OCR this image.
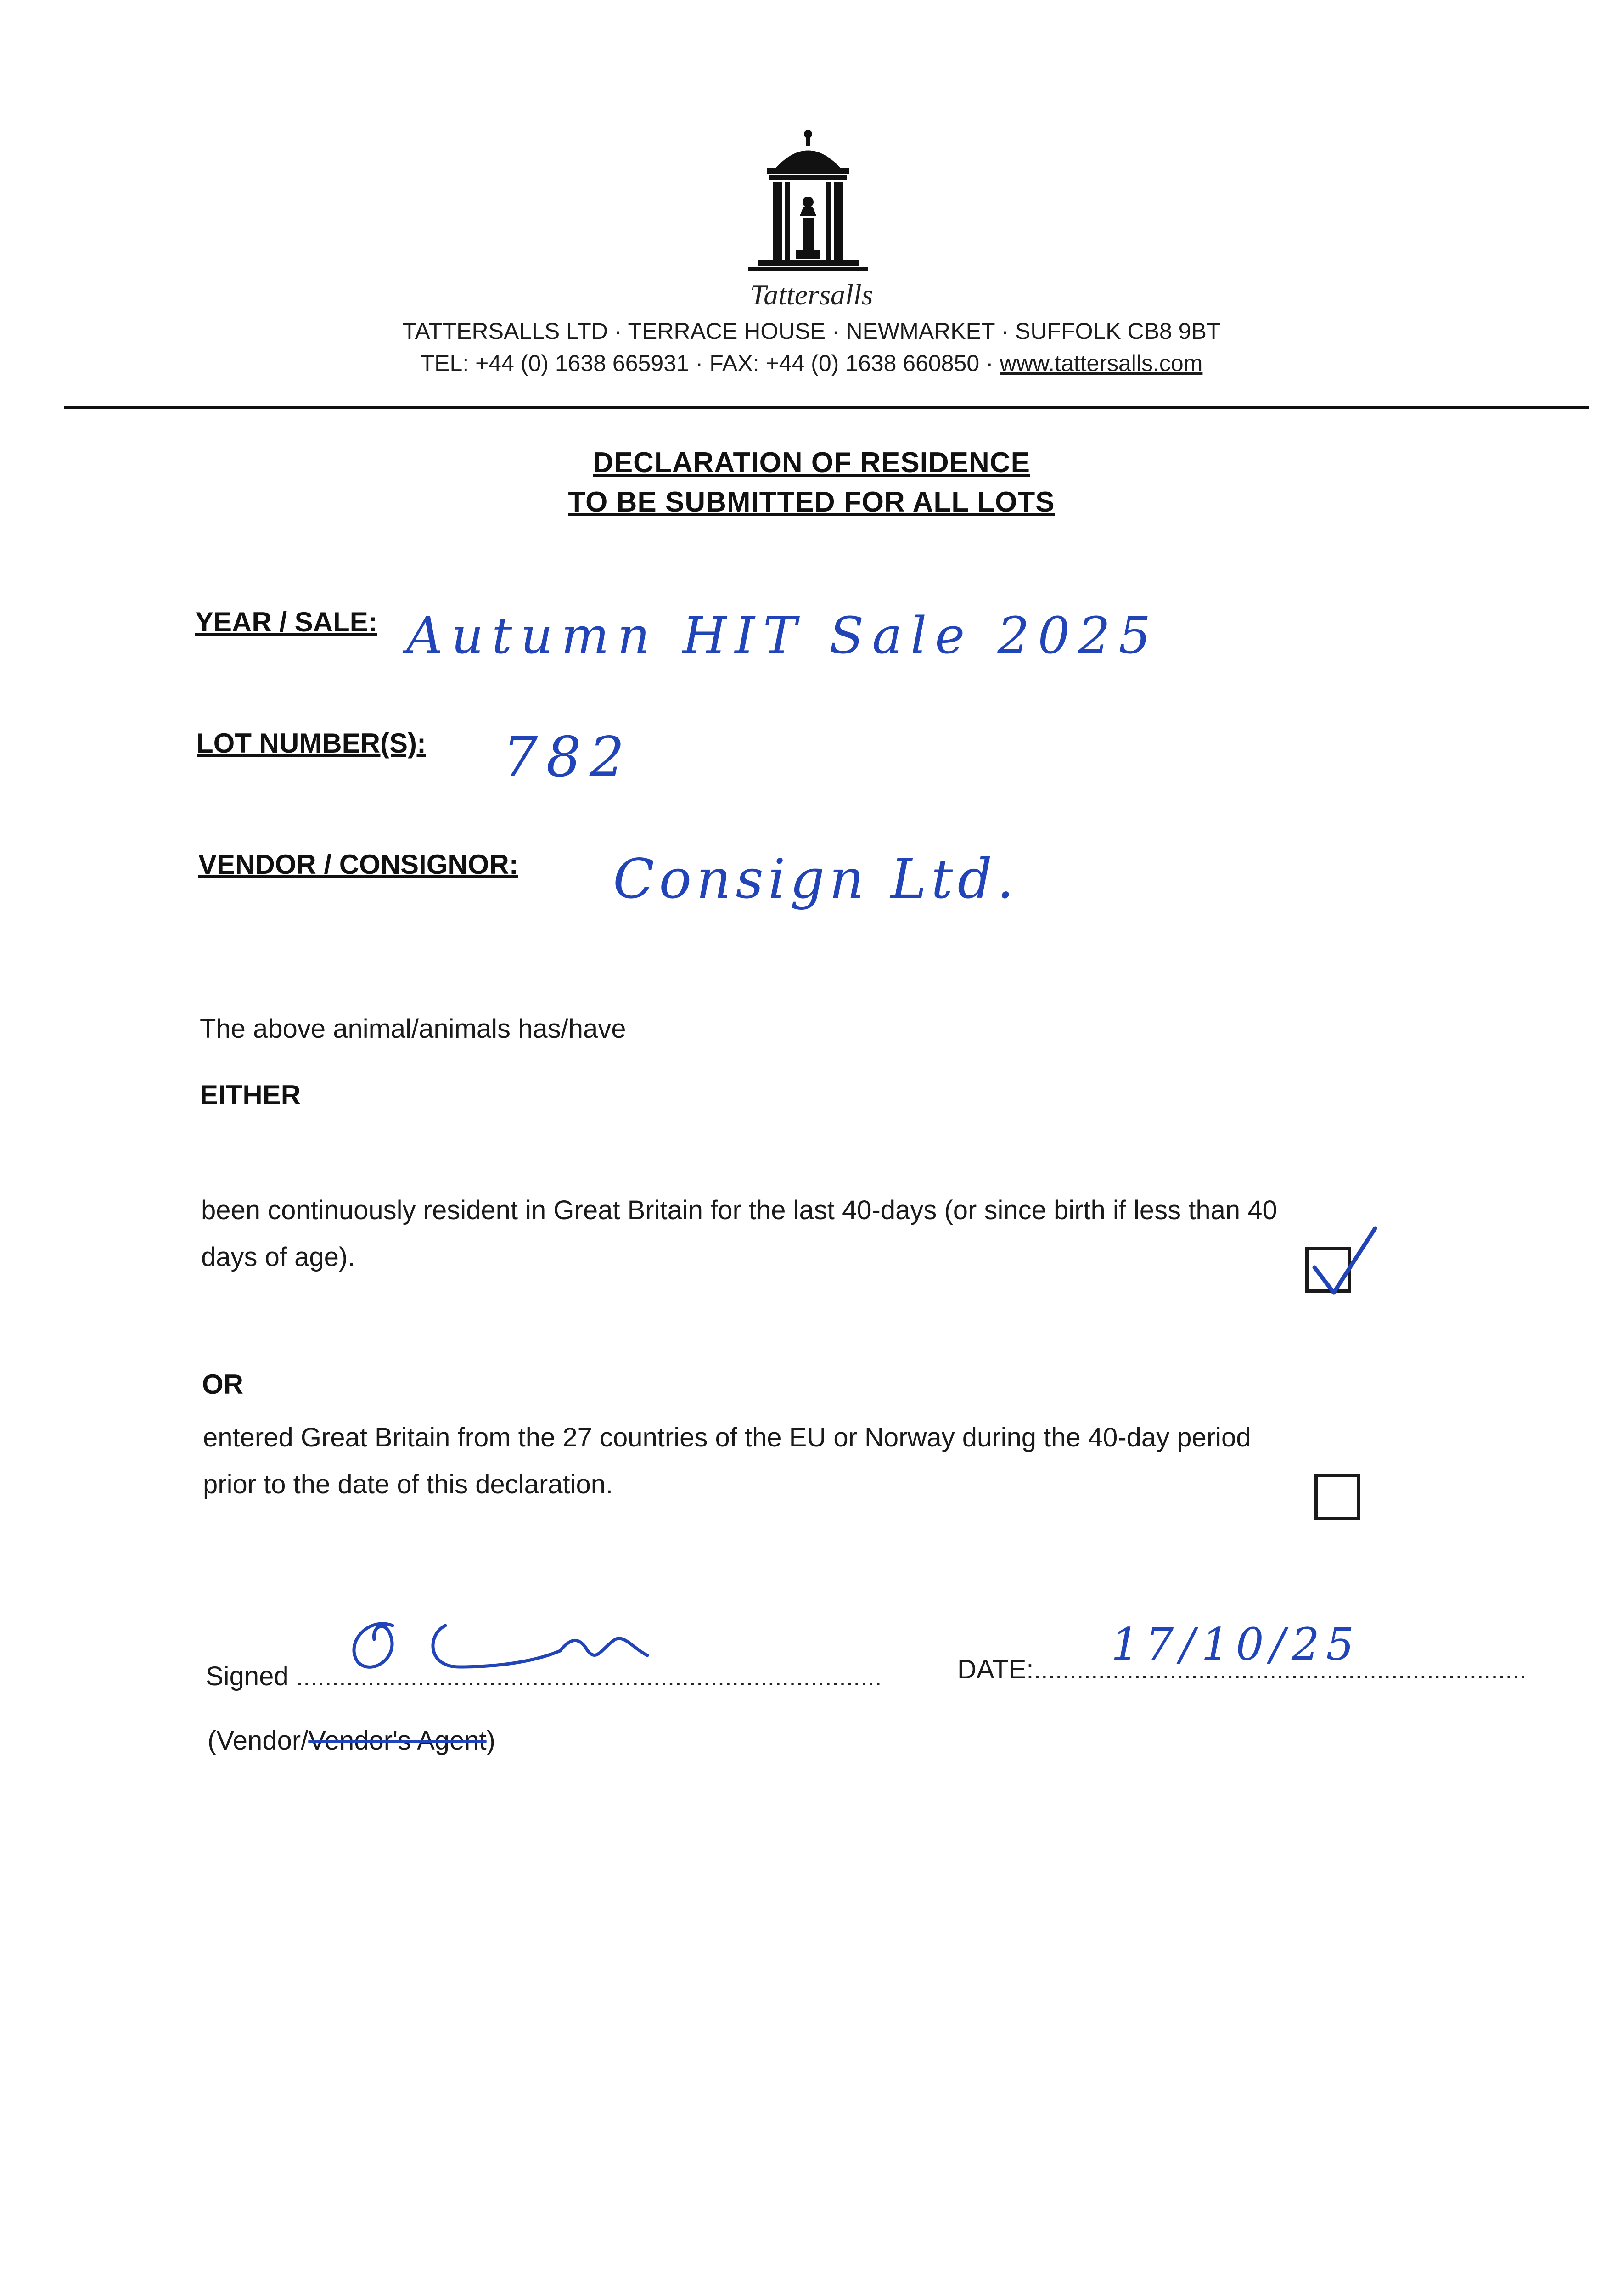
Tattersalls
TATTERSALLS LTD · TERRACE HOUSE · NEWMARKET · SUFFOLK CB8 9BT
TEL: +44 (0) 1638 665931 · FAX: +44 (0) 1638 660850 · www.tattersalls.com
DECLARATION OF RESIDENCE
TO BE SUBMITTED FOR ALL LOTS
YEAR / SALE: Autumn HIT Sale 2025
LOT NUMBER(S): 782
VENDOR / CONSIGNOR: Consign Ltd.
The above animal/animals has/have
EITHER
been continuously resident in Great Britain for the last 40-days (or since birth if less than 40
days of age).
OR
entered Great Britain from the 27 countries of the EU or Norway during the 40-day period
prior to the date of this declaration.
Signed ..................................................................................	DATE:.....................................................................
17/10/25
(Vendor/Vendor's Agent)
